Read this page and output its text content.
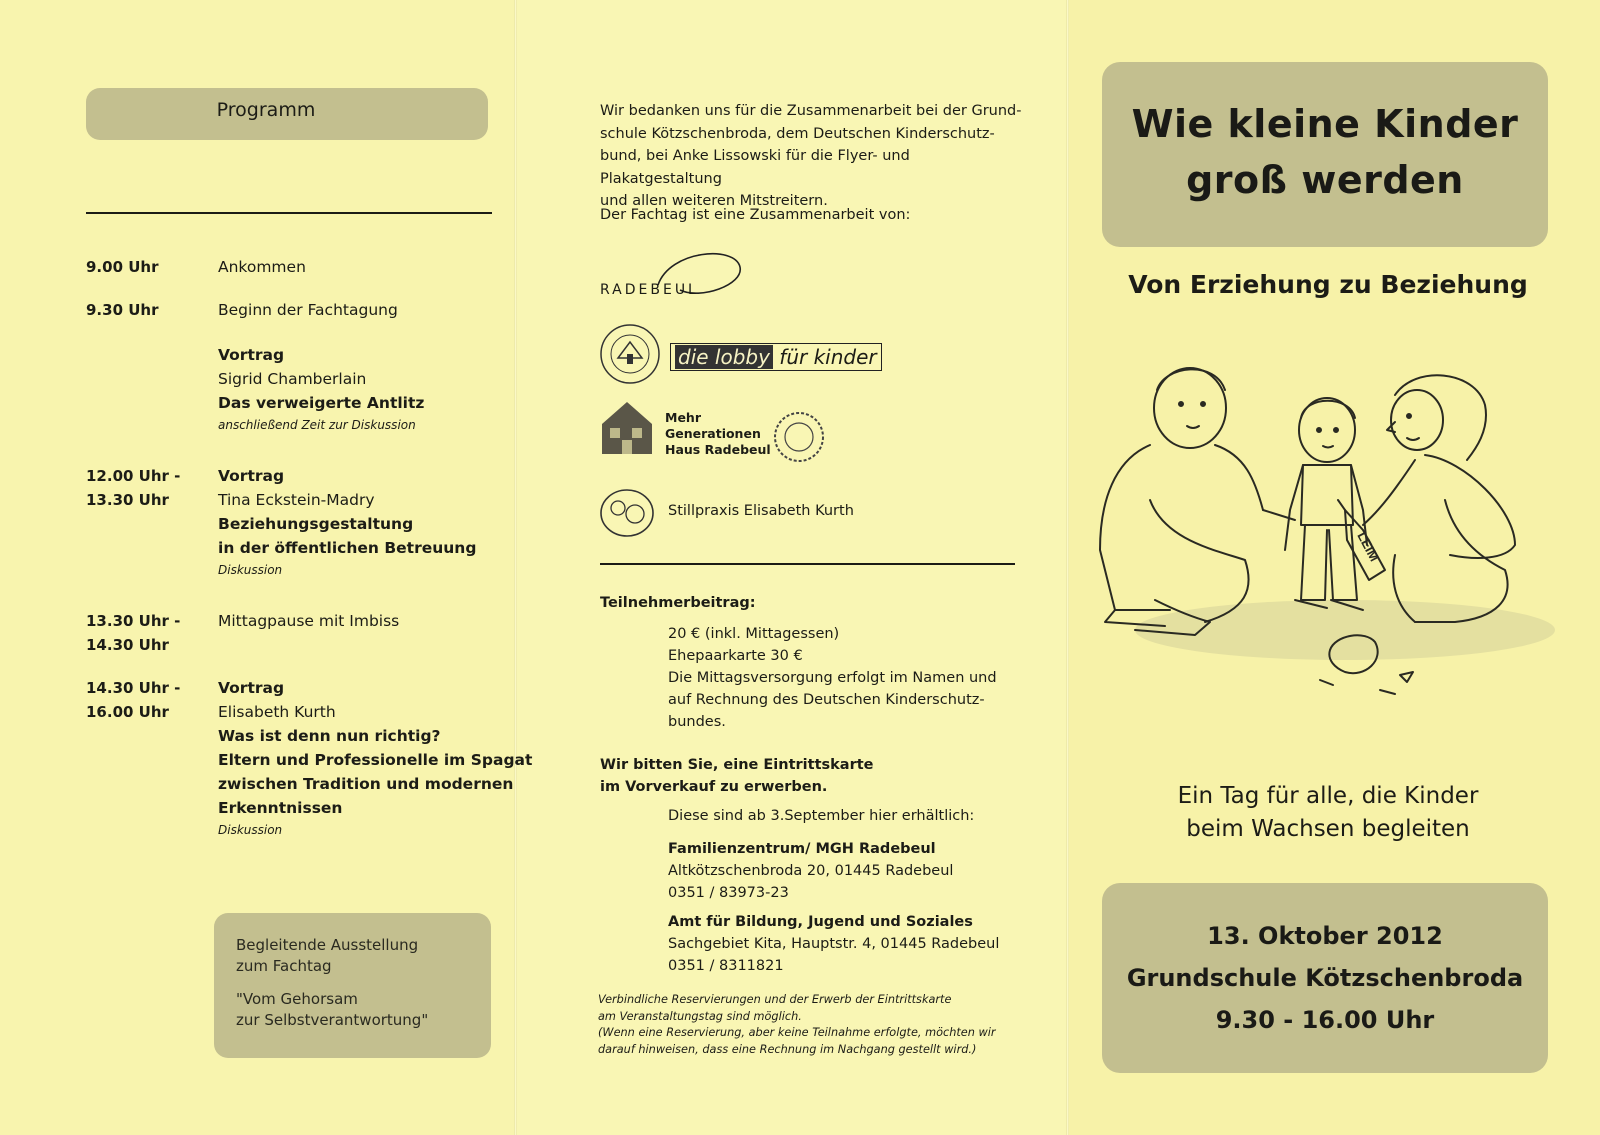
Programm
9.00 Uhr	Ankommen
9.30 Uhr	Beginn der Fachtagung
Vortrag
Sigrid Chamberlain
Das verweigerte Antlitz
anschließend Zeit zur Diskussion
12.00 Uhr -
13.30 Uhr
Vortrag
Tina Eckstein-Madry
Beziehungsgestaltung
in der öffentlichen Betreuung
Diskussion
13.30 Uhr -
14.30 Uhr
Mittagpause mit Imbiss
14.30 Uhr -
16.00 Uhr
Vortrag
Elisabeth Kurth
Was ist denn nun richtig?
Eltern und Professionelle im Spagat
zwischen Tradition und modernen
Erkenntnissen
Diskussion
Begleitende Ausstellung
zum Fachtag
"Vom Gehorsam
zur Selbstverantwortung"
Wir bedanken uns für die Zusammenarbeit bei der Grund-
schule Kötzschenbroda, dem Deutschen Kinderschutz-
bund, bei Anke Lissowski für die Flyer- und Plakatgestaltung
und allen weiteren Mitstreitern.
Der Fachtag ist eine Zusammenarbeit von:
RADEBEUL
die lobby für kinder
Mehr
Generationen
Haus Radebeul
Stillpraxis Elisabeth Kurth
Teilnehmerbeitrag:
20 € (inkl. Mittagessen)
Ehepaarkarte 30 €
Die Mittagsversorgung erfolgt im Namen und
auf Rechnung des Deutschen Kinderschutz-
bundes.
Wir bitten Sie, eine Eintrittskarte
im Vorverkauf zu erwerben.
Diese sind ab 3.September hier erhältlich:
Familienzentrum/ MGH Radebeul
Altkötzschenbroda 20, 01445 Radebeul
0351 / 83973-23
Amt für Bildung, Jugend und Soziales
Sachgebiet Kita, Hauptstr. 4, 01445 Radebeul
0351 / 8311821
Verbindliche Reservierungen und der Erwerb der Eintrittskarte
am Veranstaltungstag sind möglich.
(Wenn eine Reservierung, aber keine Teilnahme erfolgte, möchten wir
darauf hinweisen, dass eine Rechnung im Nachgang gestellt wird.)
Wie kleine Kinder
groß werden
Von Erziehung zu Beziehung
LEIM
Ein Tag für alle, die Kinder
beim Wachsen begleiten
13. Oktober 2012
Grundschule Kötzschenbroda
9.30 - 16.00 Uhr
